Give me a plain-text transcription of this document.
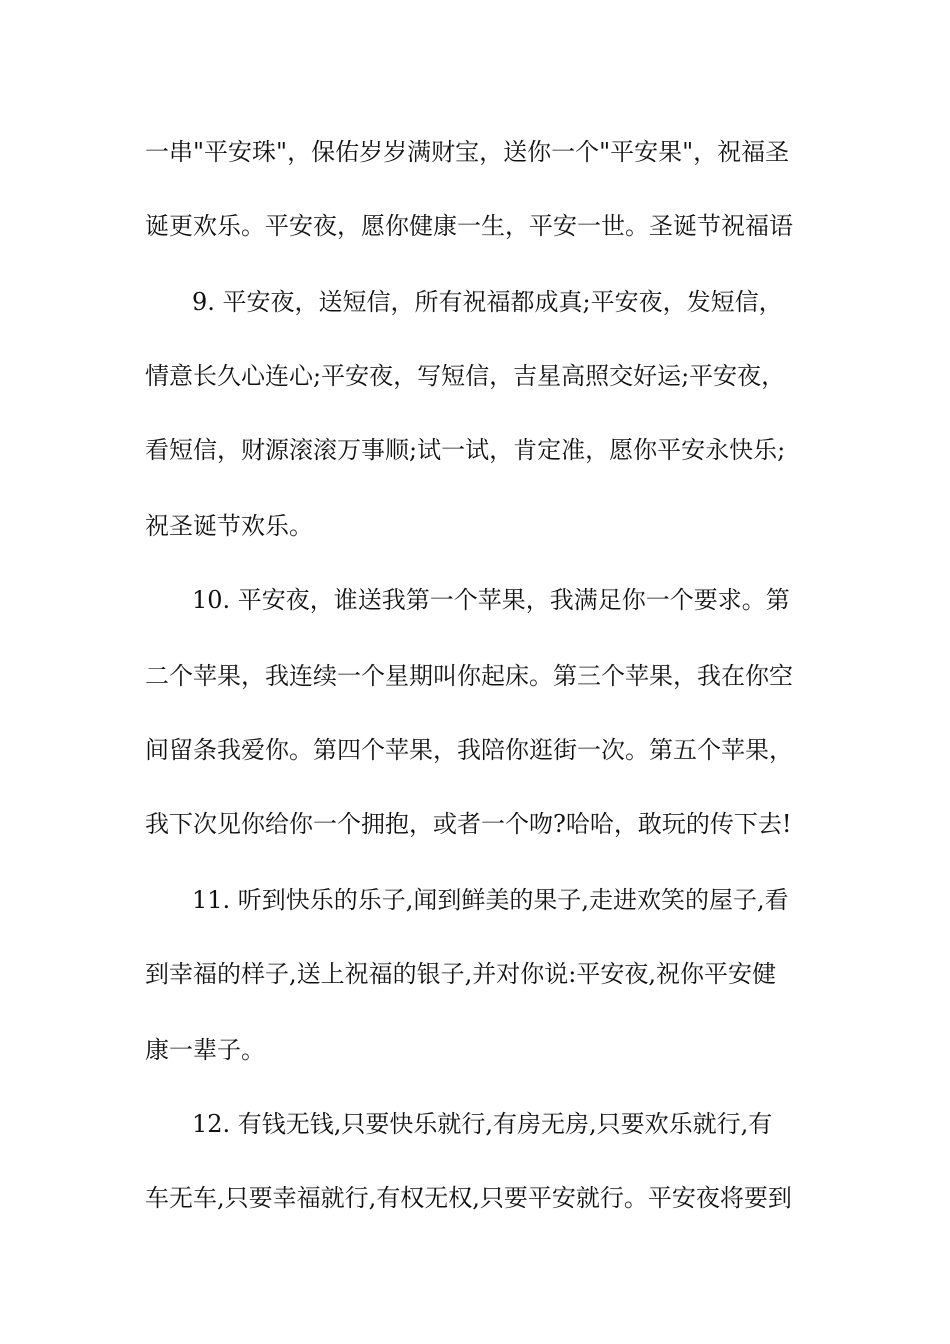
一串"平安珠"，保佑岁岁满财宝，送你一个"平安果"，祝福圣
诞更欢乐。平安夜，愿你健康一生，平安一世。圣诞节祝福语
9. 平安夜，送短信，所有祝福都成真;平安夜，发短信，
情意长久心连心;平安夜，写短信，吉星高照交好运;平安夜，
看短信，财源滚滚万事顺;试一试，肯定准，愿你平安永快乐;
祝圣诞节欢乐。
10. 平安夜，谁送我第一个苹果，我满足你一个要求。第
二个苹果，我连续一个星期叫你起床。第三个苹果，我在你空
间留条我爱你。第四个苹果，我陪你逛街一次。第五个苹果，
我下次见你给你一个拥抱，或者一个吻?哈哈，敢玩的传下去!
11. 听到快乐的乐子,闻到鲜美的果子,走进欢笑的屋子,看
到幸福的样子,送上祝福的银子,并对你说:平安夜,祝你平安健
康一辈子。
12. 有钱无钱,只要快乐就行,有房无房,只要欢乐就行,有
车无车,只要幸福就行,有权无权,只要平安就行。平安夜将要到
